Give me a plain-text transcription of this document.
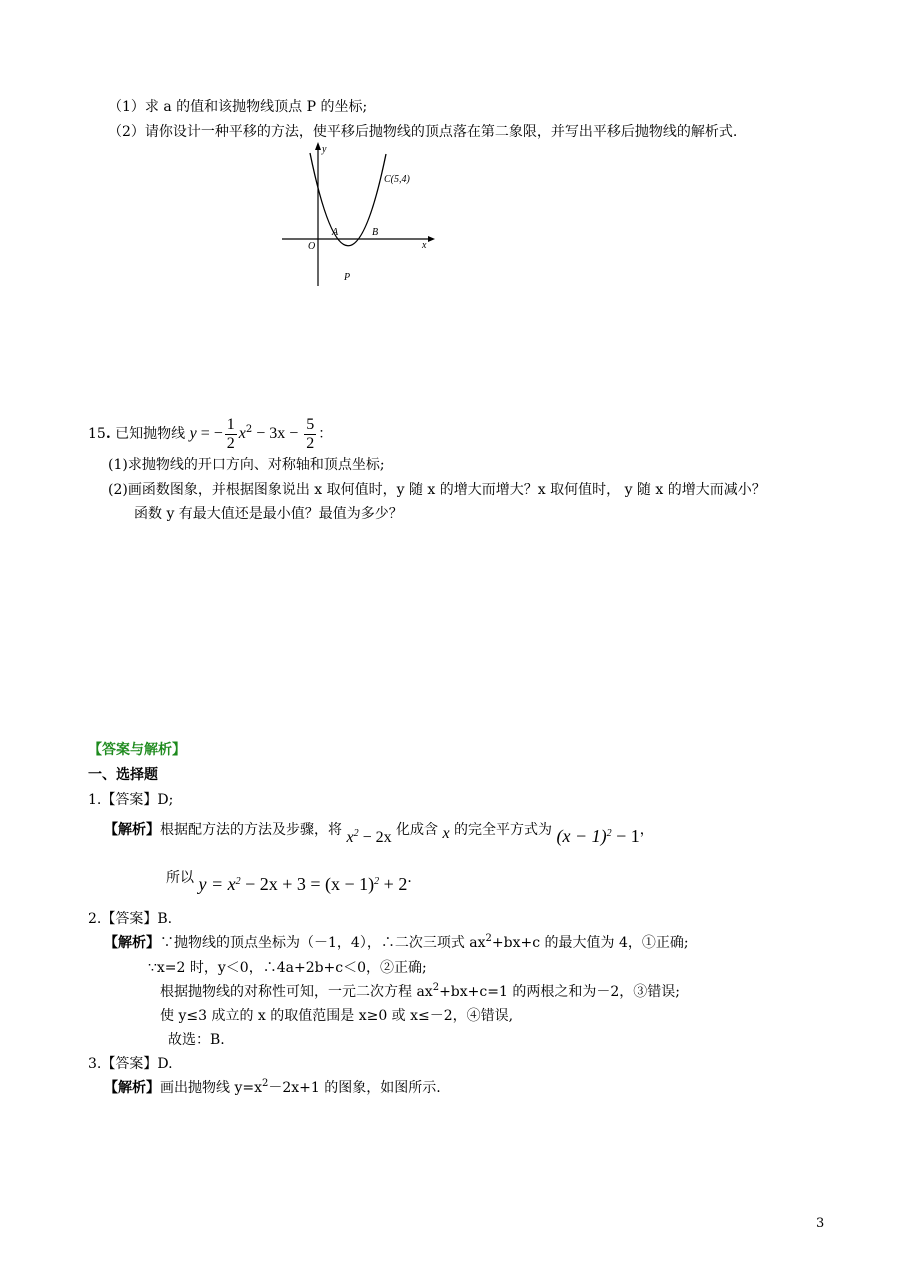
（1）求 a 的值和该抛物线顶点 P 的坐标;
（2）请你设计一种平移的方法，使平移后抛物线的顶点落在第二象限，并写出平移后抛物线的解析式.
y
x
O
A	B
C(5,4)
P
15. 已知抛物线 y = − $\frac{1}{2} x^2 - 3x - \frac{5}{2}$ ：
(1)求抛物线的开口方向、对称轴和顶点坐标;
(2)画函数图象，并根据图象说出 x 取何值时，y 随 x 的增大而增大？x 取何值时， y 随 x 的增大而减小？
函数 y 有最大值还是最小值？最值为多少？
【答案与解析】
一、选择题
1.【答案】D;
【解析】根据配方法的方法及步骤，将 $x^2 - 2x$ 化成含 x 的完全平方式为 $(x - 1)^2 - 1$，
所以 $y = x^2 - 2x + 3 = (x - 1)^2 + 2$．
2.【答案】B.
【解析】∵抛物线的顶点坐标为（－1，4），∴二次三项式 $ax^2+bx+c$ 的最大值为 4，①正确;
∵x=2 时，y＜0，∴4a+2b+c＜0，②正确;
根据抛物线的对称性可知，一元二次方程 $ax^2+bx+c=1$ 的两根之和为－2，③错误;
使 y≤3 成立的 x 的取值范围是 x≥0 或 x≤－2，④错误,
故选：B.
3.【答案】D.
【解析】画出抛物线 $y=x^2-2x+1$ 的图象，如图所示.
3
